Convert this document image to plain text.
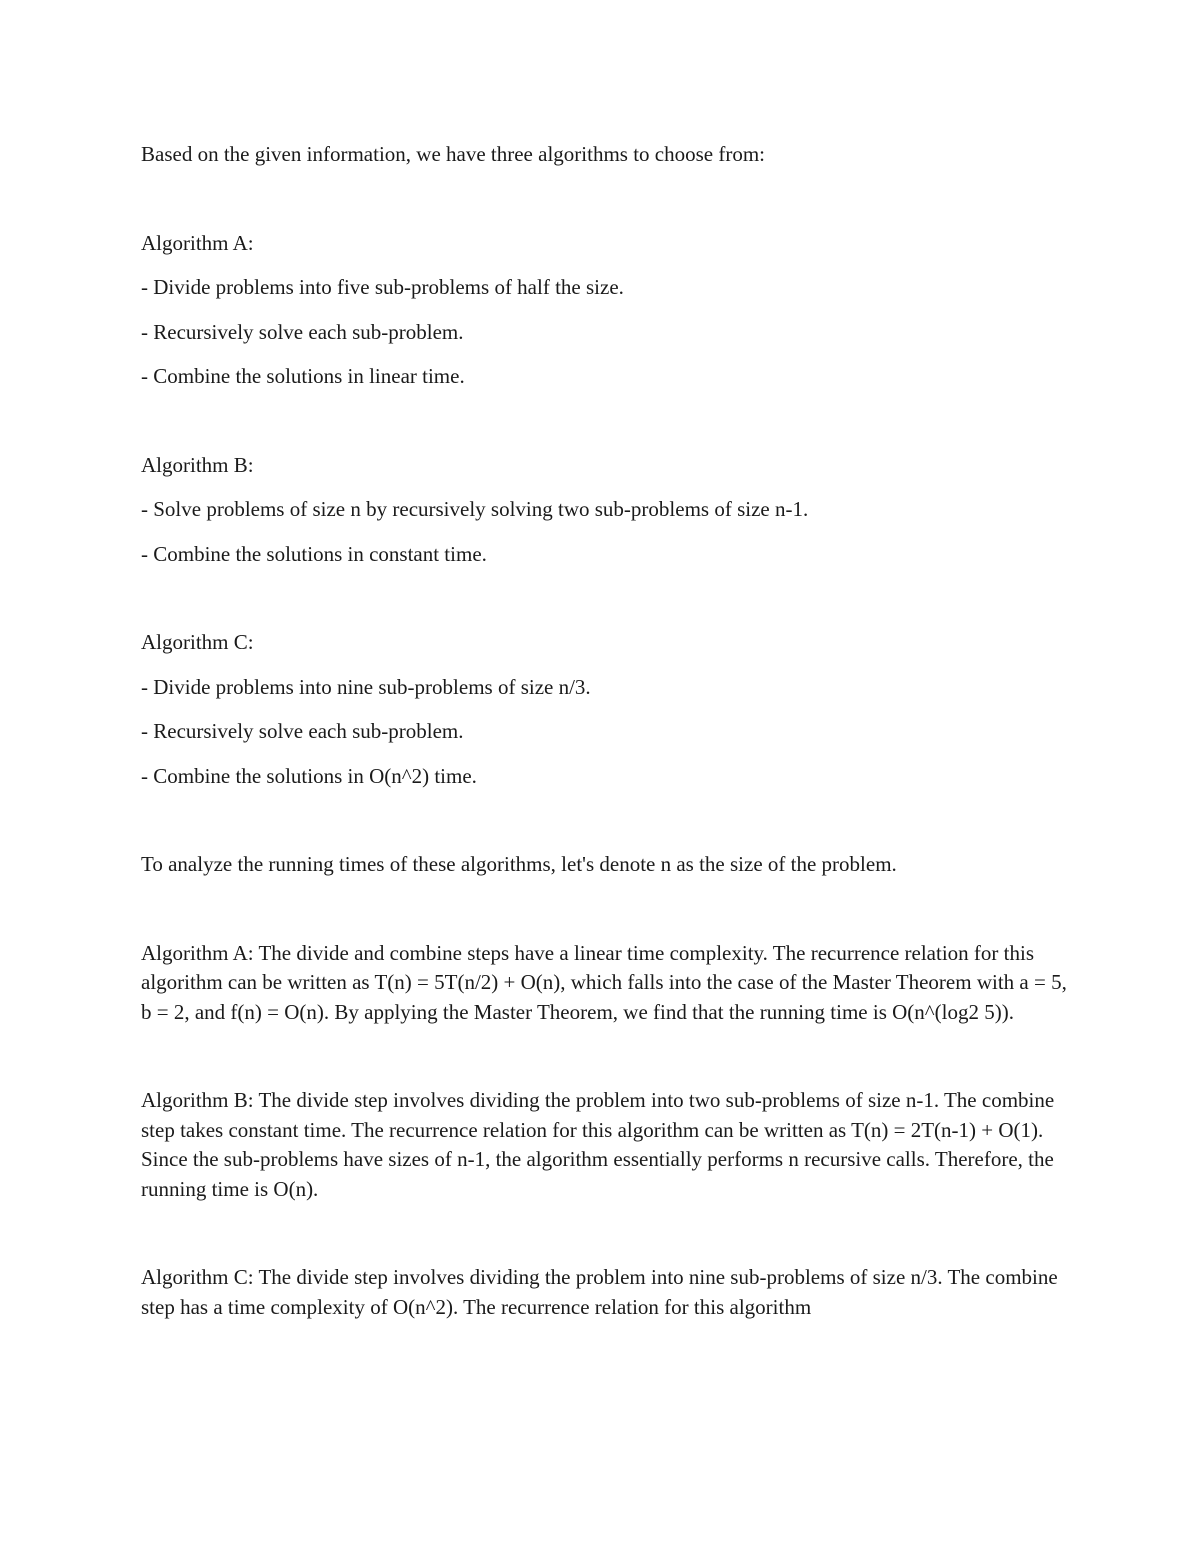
Based on the given information, we have three algorithms to choose from:

Algorithm A:

- Divide problems into five sub-problems of half the size.

- Recursively solve each sub-problem.

- Combine the solutions in linear time.

Algorithm B:

- Solve problems of size n by recursively solving two sub-problems of size n-1.

- Combine the solutions in constant time.

Algorithm C:

- Divide problems into nine sub-problems of size n/3.

- Recursively solve each sub-problem.

- Combine the solutions in O(n^2) time.

To analyze the running times of these algorithms, let's denote n as the size of the problem.

Algorithm A: The divide and combine steps have a linear time complexity. The recurrence relation for this algorithm can be written as T(n) = 5T(n/2) + O(n), which falls into the case of the Master Theorem with a = 5, b = 2, and f(n) = O(n). By applying the Master Theorem, we find that the running time is O(n^(log2 5)).

Algorithm B: The divide step involves dividing the problem into two sub-problems of size n-1. The combine step takes constant time. The recurrence relation for this algorithm can be written as T(n) = 2T(n-1) + O(1). Since the sub-problems have sizes of n-1, the algorithm essentially performs n recursive calls. Therefore, the running time is O(n).

Algorithm C: The divide step involves dividing the problem into nine sub-problems of size n/3. The combine step has a time complexity of O(n^2). The recurrence relation for this algorithm
